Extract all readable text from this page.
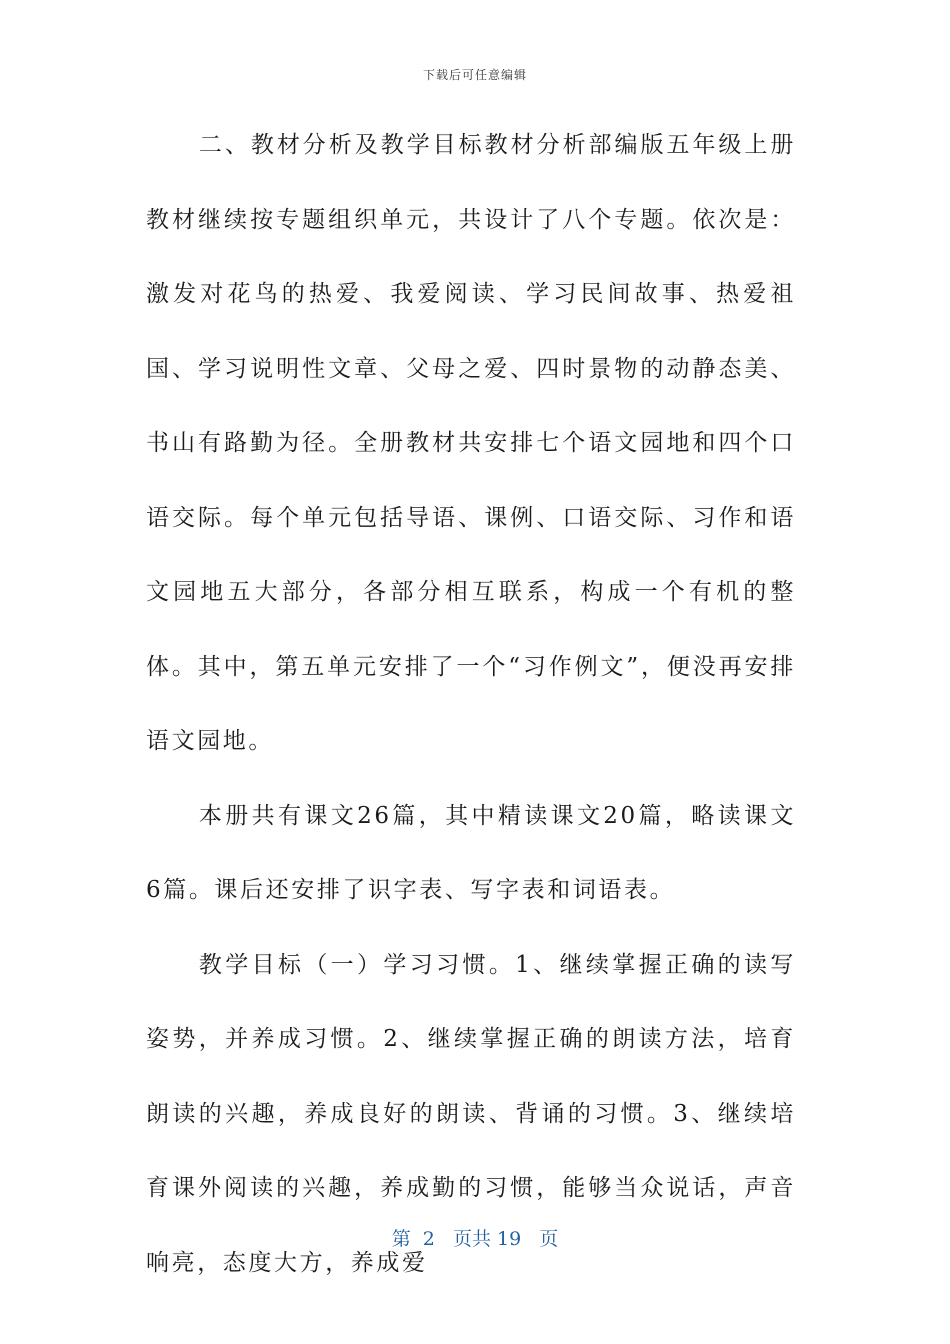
下载后可任意编辑

二、教材分析及教学目标教材分析部编版五年级上册教材继续按专题组织单元，共设计了八个专题。依次是：激发对花鸟的热爱、我爱阅读、学习民间故事、热爱祖国、学习说明性文章、父母之爱、四时景物的动静态美、书山有路勤为径。全册教材共安排七个语文园地和四个口语交际。每个单元包括导语、课例、口语交际、习作和语文园地五大部分，各部分相互联系，构成一个有机的整体。其中，第五单元安排了一个“习作例文”，便没再安排语文园地。

本册共有课文26篇，其中精读课文20篇，略读课文6篇。课后还安排了识字表、写字表和词语表。

教学目标（一）学习习惯。1、继续掌握正确的读写姿势，并养成习惯。2、继续掌握正确的朗读方法，培育朗读的兴趣，养成良好的朗读、背诵的习惯。3、继续培育课外阅读的兴趣，养成勤的习惯，能够当众说话，声音响亮，态度大方，养成爱

第  2   页共 19   页
